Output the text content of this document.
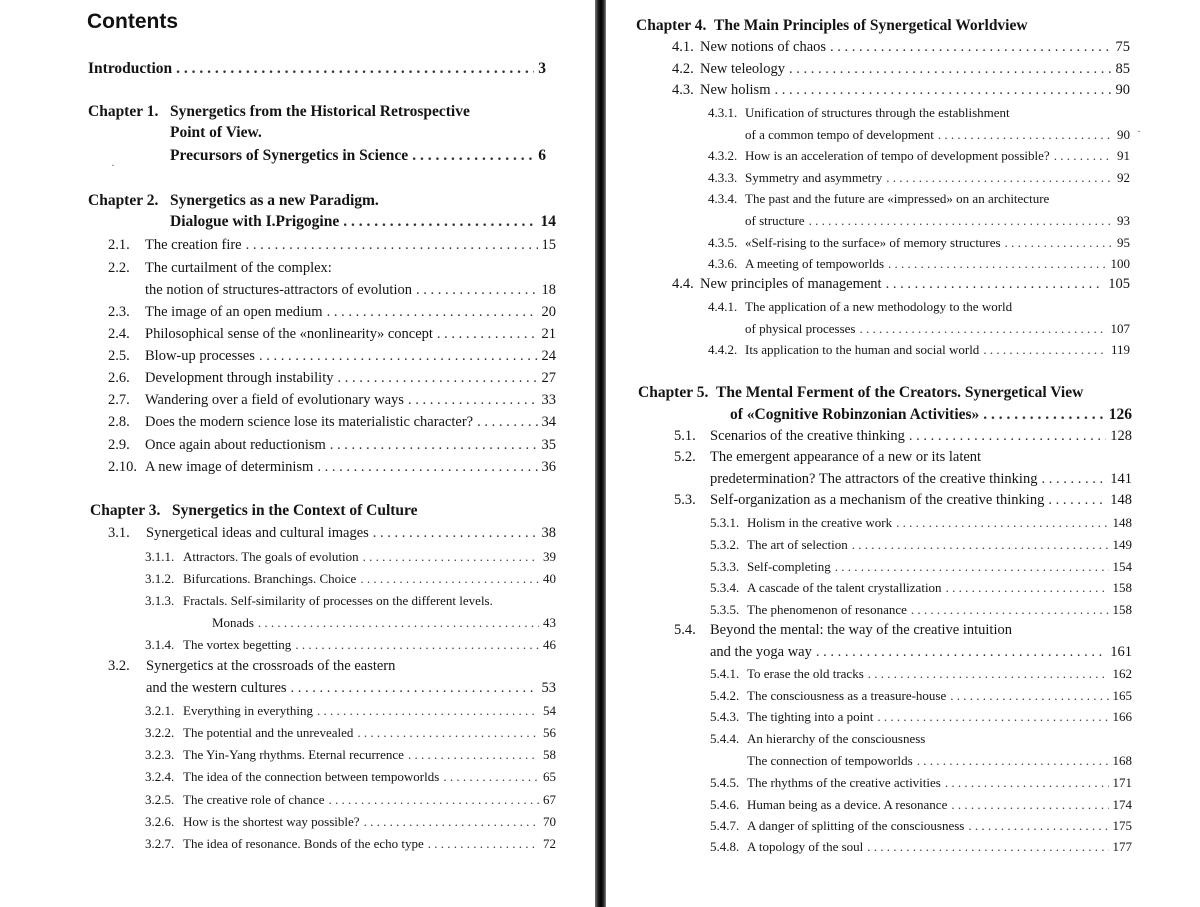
Contents
Introduction . . .	3
Chapter 1. Synergetics from the Historical Retrospective
Point of View.
Precursors of Synergetics in Science . . .	6
Chapter 2. Synergetics as a new Paradigm.
Dialogue with I.Prigogine . . .	14
2.1.	The creation fire . . .	15
2.2.	The curtailment of the complex:
the notion of structures-attractors of evolution . . .	18
2.3.	The image of an open medium . . .	20
2.4.	Philosophical sense of the «nonlinearity» concept . . .	21
2.5.	Blow-up processes . . .	24
2.6.	Development through instability . . .	27
2.7.	Wandering over a field of evolutionary ways . . .	33
2.8.	Does the modern science lose its materialistic character? . . .	34
2.9.	Once again about reductionism . . .	35
2.10. A new image of determinism . . .	36
Chapter 3. Synergetics in the Context of Culture
3.1.	Synergetical ideas and cultural images . . .	38
3.1.1. Attractors. The goals of evolution . . .	39
3.1.2. Bifurcations. Branchings. Choice . . .	40
3.1.3. Fractals. Self-similarity of processes on the different levels.
Monads . . .	43
3.1.4. The vortex begetting . . .	46
3.2.	Synergetics at the crossroads of the eastern
and the western cultures . . .	53
3.2.1. Everything in everything . . .	54
3.2.2. The potential and the unrevealed . . .	56
3.2.3. The Yin-Yang rhythms. Eternal recurrence . . .	58
3.2.4. The idea of the connection between tempoworlds . . .	65
3.2.5. The creative role of chance . . .	67
3.2.6. How is the shortest way possible? . . .	70
3.2.7. The idea of resonance. Bonds of the echo type . . .	72
Chapter 4. The Main Principles of Synergetical Worldview
4.1. New notions of chaos . . .	75
4.2. New teleology . . .	85
4.3. New holism . . .	90
4.3.1. Unification of structures through the establishment
of a common tempo of development . . .	90
4.3.2. How is an acceleration of tempo of development possible? . . .	91
4.3.3. Symmetry and asymmetry . . .	92
4.3.4. The past and the future are «impressed» on an architecture
of structure . . .	93
4.3.5. «Self-rising to the surface» of memory structures . . .	95
4.3.6. A meeting of tempoworlds . . .	100
4.4. New principles of management . . .	105
4.4.1. The application of a new methodology to the world
of physical processes . . .	107
4.4.2. Its application to the human and social world . . .	119
Chapter 5. The Mental Ferment of the Creators. Synergetical View
of «Cognitive Robinzonian Activities» . . .	126
5.1. Scenarios of the creative thinking . . .	128
5.2. The emergent appearance of a new or its latent
predetermination? The attractors of the creative thinking . . .	141
5.3. Self-organization as a mechanism of the creative thinking . . .	148
5.3.1. Holism in the creative work . . .	148
5.3.2. The art of selection . . .	149
5.3.3. Self-completing . . .	154
5.3.4. A cascade of the talent crystallization . . .	158
5.3.5. The phenomenon of resonance . . .	158
5.4. Beyond the mental: the way of the creative intuition
and the yoga way . . .	161
5.4.1. To erase the old tracks . . .	162
5.4.2. The consciousness as a treasure-house . . .	165
5.4.3. The tighting into a point . . .	166
5.4.4. An hierarchy of the consciousness
The connection of tempoworlds . . .	168
5.4.5. The rhythms of the creative activities . . .	171
5.4.6. Human being as a device. A resonance . . .	174
5.4.7. A danger of splitting of the consciousness . . .	175
5.4.8. A topology of the soul . . .	177
·
·
